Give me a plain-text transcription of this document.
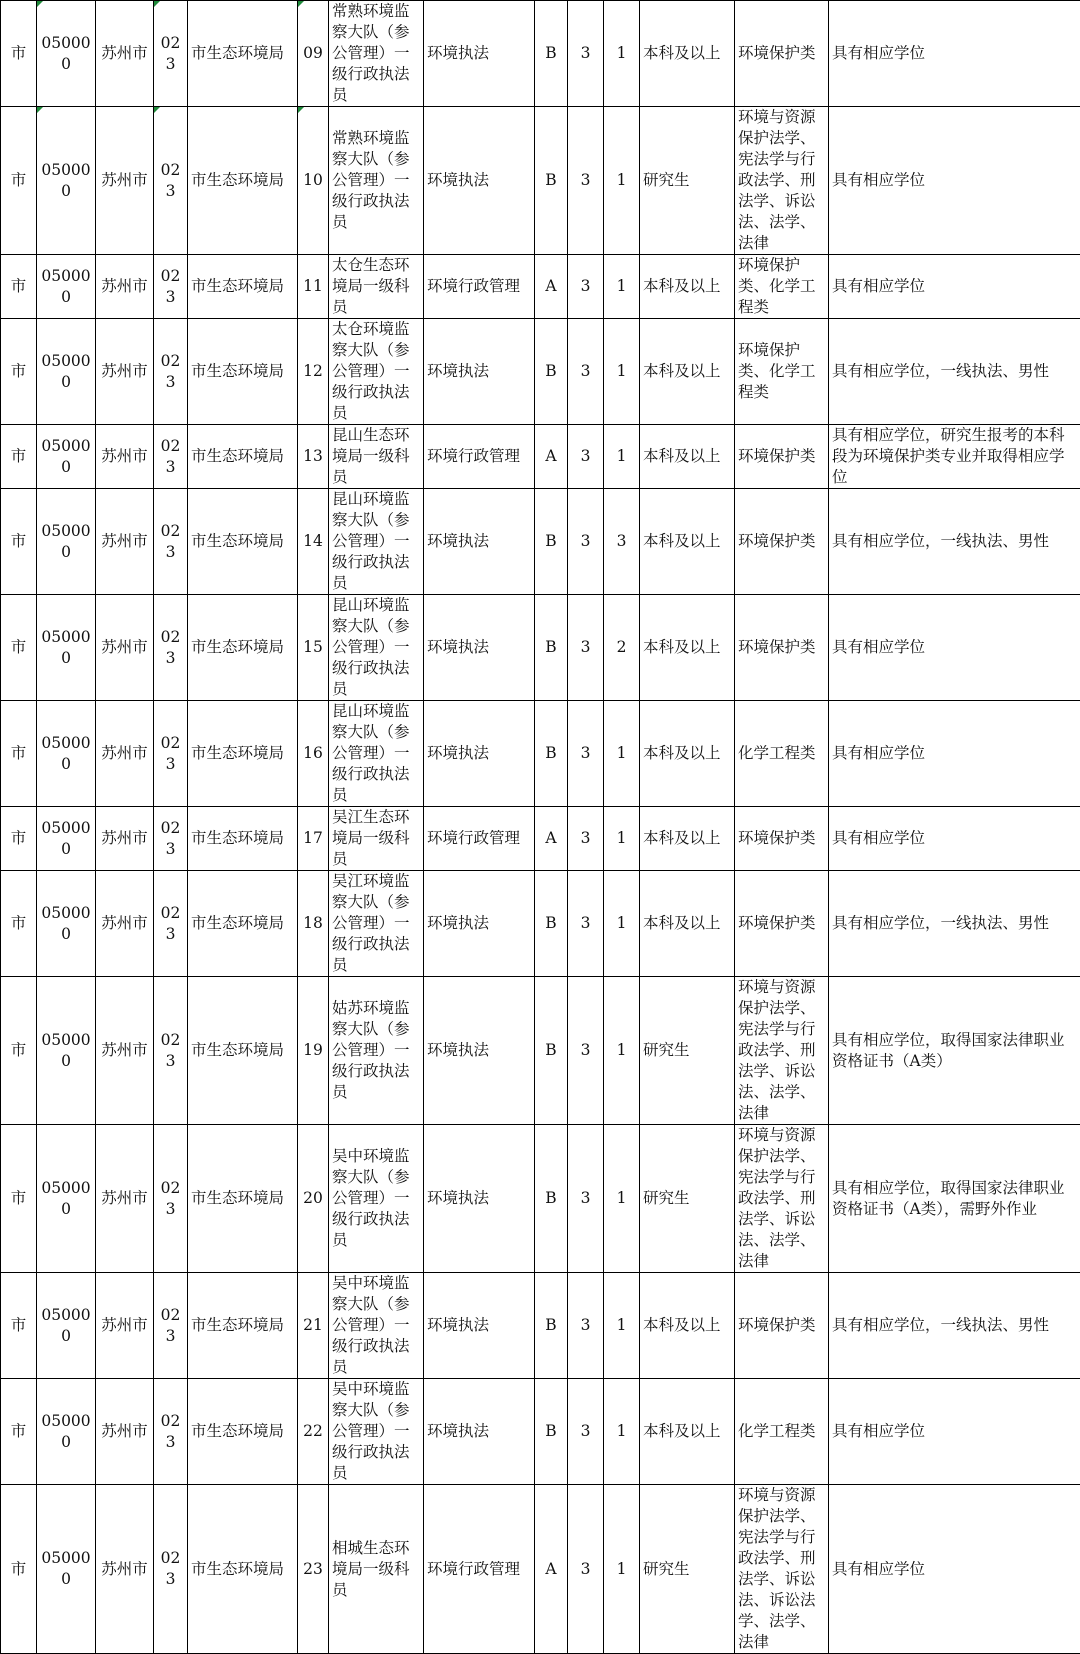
市	050000	苏州市	023	市生态环境局	09	常熟环境监察大队（参公管理）一级行政执法员	环境执法	B	3	1	本科及以上	环境保护类	具有相应学位
市	050000	苏州市	023	市生态环境局	10	常熟环境监察大队（参公管理）一级行政执法员	环境执法	B	3	1	研究生	环境与资源保护法学、宪法学与行政法学、刑法学、诉讼法、法学、法律	具有相应学位
市	050000	苏州市	023	市生态环境局	11	太仓生态环境局一级科员	环境行政管理	A	3	1	本科及以上	环境保护类、化学工程类	具有相应学位
市	050000	苏州市	023	市生态环境局	12	太仓环境监察大队（参公管理）一级行政执法员	环境执法	B	3	1	本科及以上	环境保护类、化学工程类	具有相应学位，一线执法、男性
市	050000	苏州市	023	市生态环境局	13	昆山生态环境局一级科员	环境行政管理	A	3	1	本科及以上	环境保护类	具有相应学位，研究生报考的本科段为环境保护类专业并取得相应学位
市	050000	苏州市	023	市生态环境局	14	昆山环境监察大队（参公管理）一级行政执法员	环境执法	B	3	3	本科及以上	环境保护类	具有相应学位，一线执法、男性
市	050000	苏州市	023	市生态环境局	15	昆山环境监察大队（参公管理）一级行政执法员	环境执法	B	3	2	本科及以上	环境保护类	具有相应学位
市	050000	苏州市	023	市生态环境局	16	昆山环境监察大队（参公管理）一级行政执法员	环境执法	B	3	1	本科及以上	化学工程类	具有相应学位
市	050000	苏州市	023	市生态环境局	17	吴江生态环境局一级科员	环境行政管理	A	3	1	本科及以上	环境保护类	具有相应学位
市	050000	苏州市	023	市生态环境局	18	吴江环境监察大队（参公管理）一级行政执法员	环境执法	B	3	1	本科及以上	环境保护类	具有相应学位，一线执法、男性
市	050000	苏州市	023	市生态环境局	19	姑苏环境监察大队（参公管理）一级行政执法员	环境执法	B	3	1	研究生	环境与资源保护法学、宪法学与行政法学、刑法学、诉讼法、法学、法律	具有相应学位，取得国家法律职业资格证书（A类）
市	050000	苏州市	023	市生态环境局	20	吴中环境监察大队（参公管理）一级行政执法员	环境执法	B	3	1	研究生	环境与资源保护法学、宪法学与行政法学、刑法学、诉讼法、法学、法律	具有相应学位，取得国家法律职业资格证书（A类），需野外作业
市	050000	苏州市	023	市生态环境局	21	吴中环境监察大队（参公管理）一级行政执法员	环境执法	B	3	1	本科及以上	环境保护类	具有相应学位，一线执法、男性
市	050000	苏州市	023	市生态环境局	22	吴中环境监察大队（参公管理）一级行政执法员	环境执法	B	3	1	本科及以上	化学工程类	具有相应学位
市	050000	苏州市	023	市生态环境局	23	相城生态环境局一级科员	环境行政管理	A	3	1	研究生	环境与资源保护法学、宪法学与行政法学、刑法学、诉讼法、诉讼法学、法学、法律	具有相应学位
